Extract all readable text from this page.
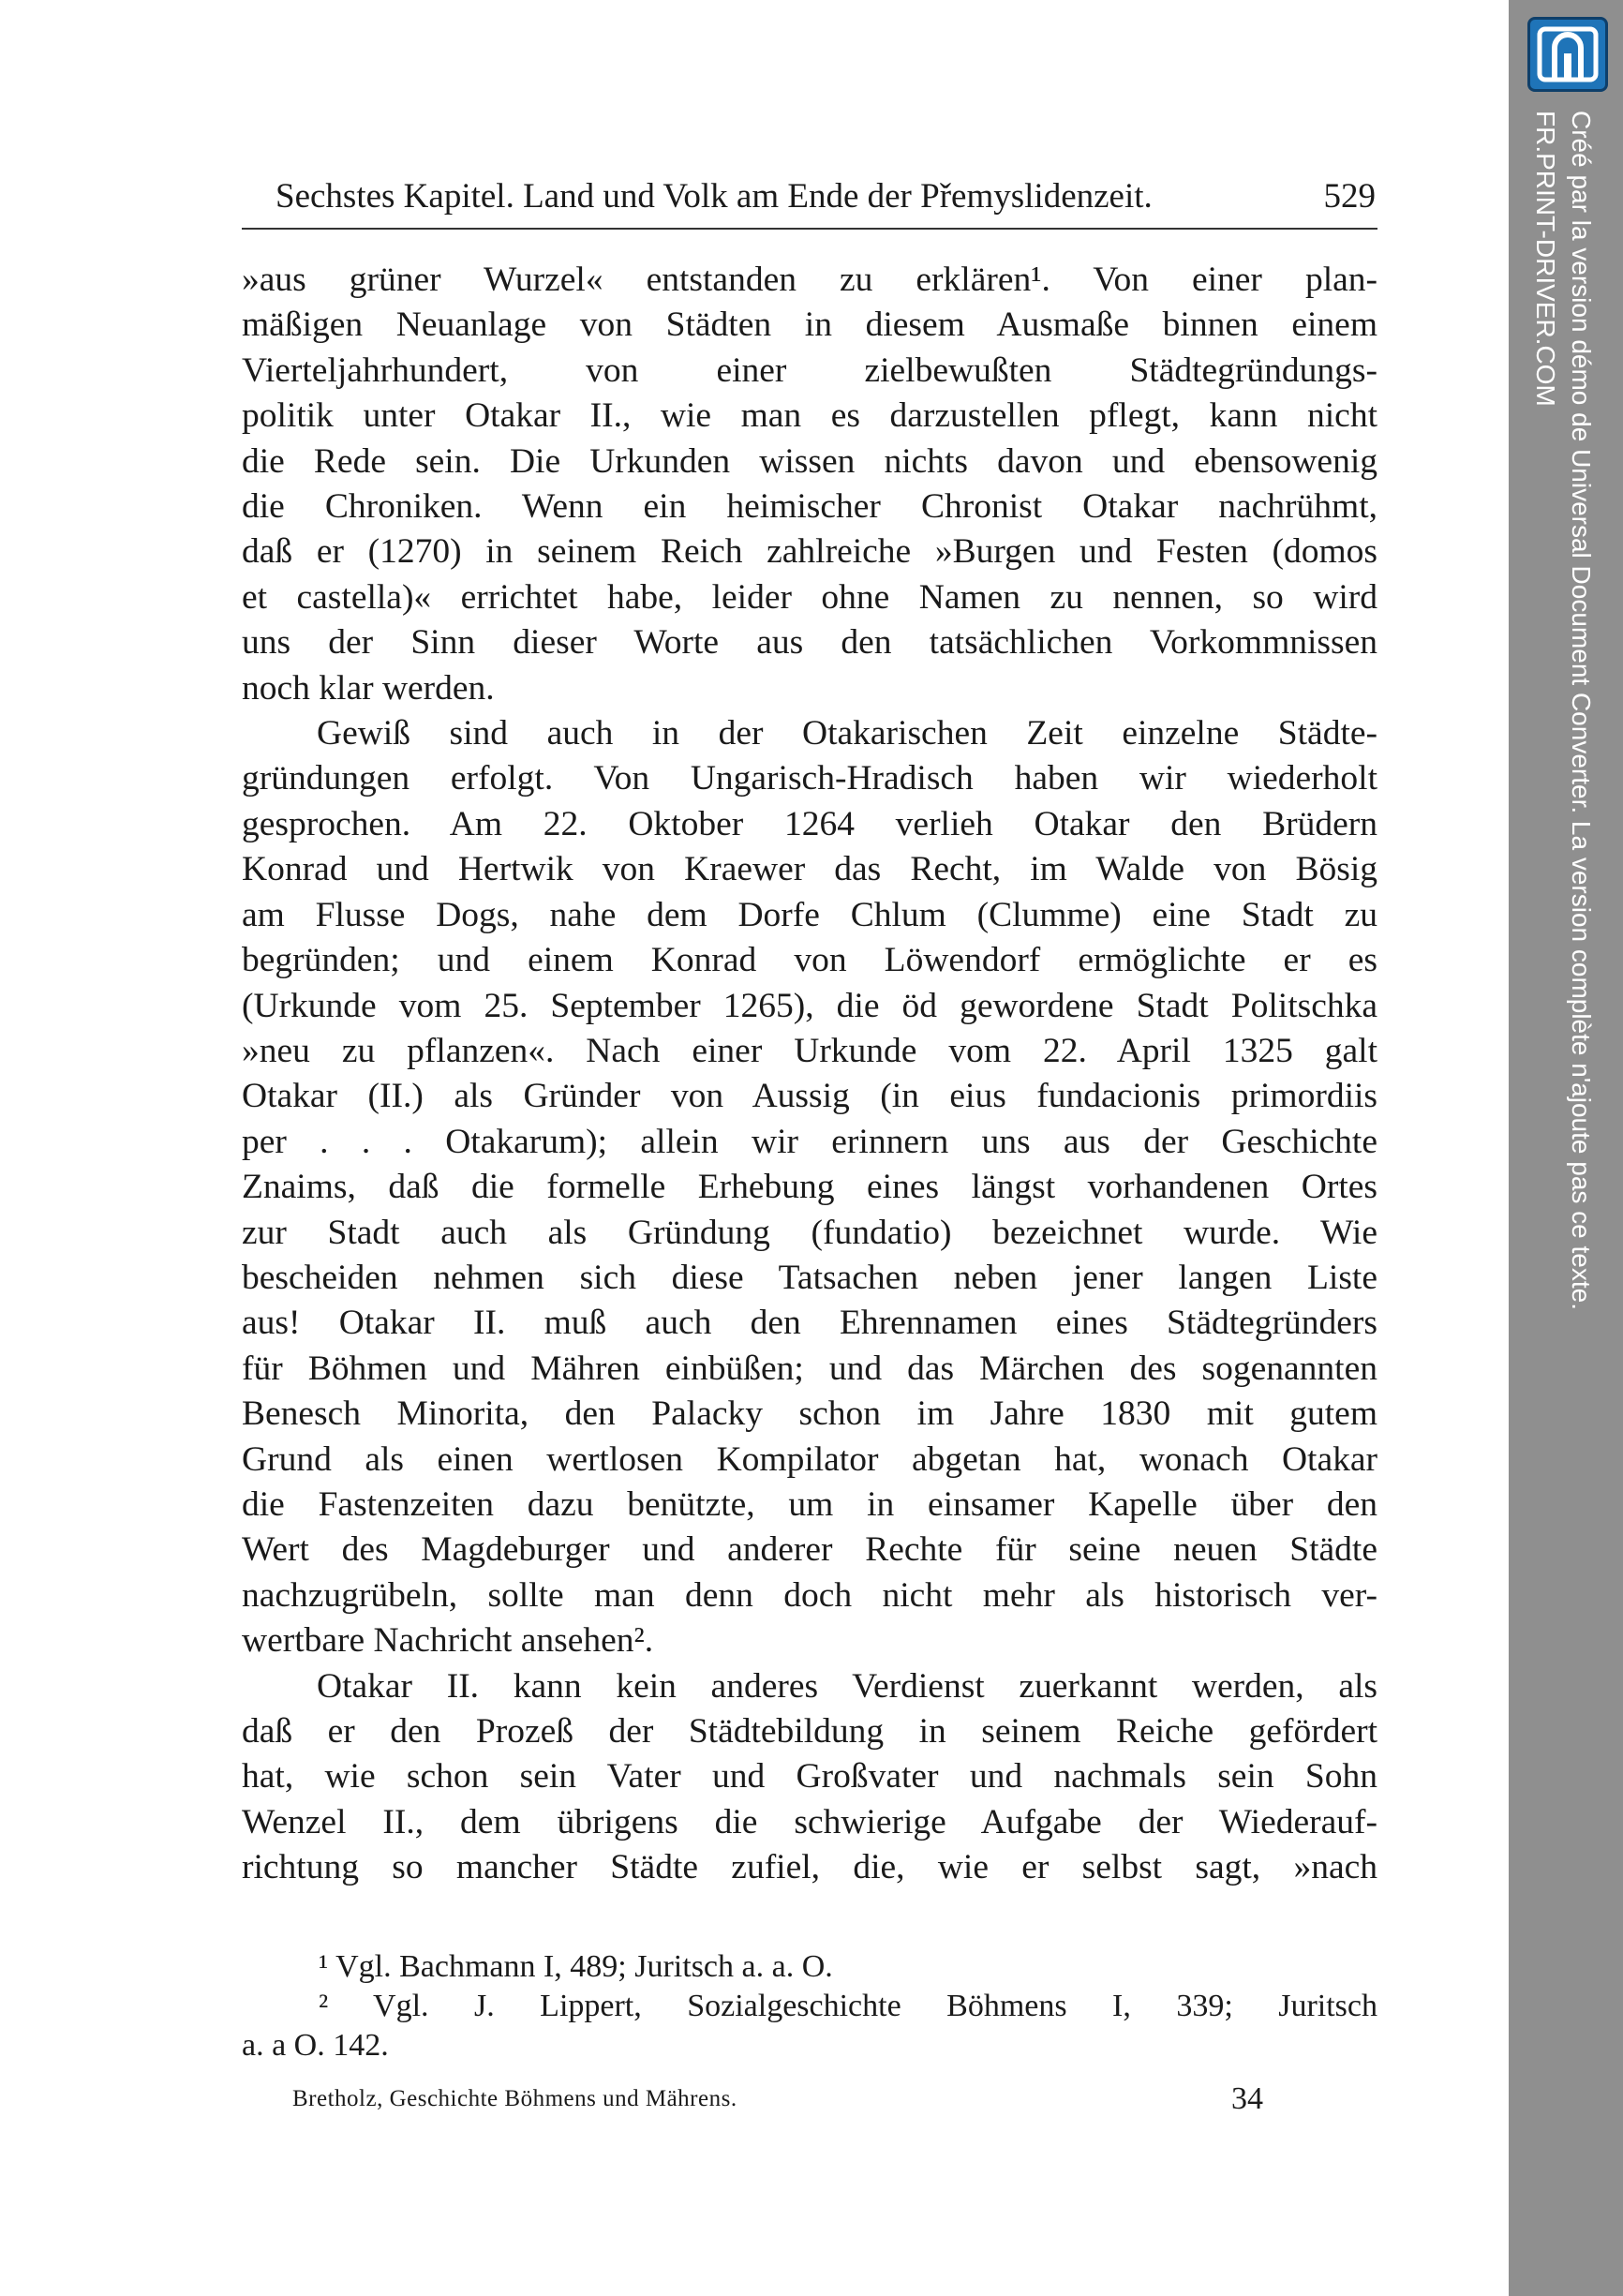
Sechstes Kapitel. Land und Volk am Ende der Přemyslidenzeit.	529

»aus grüner Wurzel« entstanden zu erklären¹. Von einer plan-

mäßigen Neuanlage von Städten in diesem Ausmaße binnen einem

Vierteljahrhundert, von einer zielbewußten Städtegründungs-

politik unter Otakar II., wie man es darzustellen pflegt, kann nicht

die Rede sein. Die Urkunden wissen nichts davon und ebensowenig

die Chroniken. Wenn ein heimischer Chronist Otakar nachrühmt,

daß er (1270) in seinem Reich zahlreiche »Burgen und Festen (domos

et castella)« errichtet habe, leider ohne Namen zu nennen, so wird

uns der Sinn dieser Worte aus den tatsächlichen Vorkommnissen

noch klar werden.

Gewiß sind auch in der Otakarischen Zeit einzelne Städte-

gründungen erfolgt. Von Ungarisch-Hradisch haben wir wiederholt

gesprochen. Am 22. Oktober 1264 verlieh Otakar den Brüdern

Konrad und Hertwik von Kraewer das Recht, im Walde von Bösig

am Flusse Dogs, nahe dem Dorfe Chlum (Clumme) eine Stadt zu

begründen; und einem Konrad von Löwendorf ermöglichte er es

(Urkunde vom 25. September 1265), die öd gewordene Stadt Politschka

»neu zu pflanzen«. Nach einer Urkunde vom 22. April 1325 galt

Otakar (II.) als Gründer von Aussig (in eius fundacionis primordiis

per . . . Otakarum); allein wir erinnern uns aus der Geschichte

Znaims, daß die formelle Erhebung eines längst vorhandenen Ortes

zur Stadt auch als Gründung (fundatio) bezeichnet wurde. Wie

bescheiden nehmen sich diese Tatsachen neben jener langen Liste

aus! Otakar II. muß auch den Ehrennamen eines Städtegründers

für Böhmen und Mähren einbüßen; und das Märchen des sogenannten

Benesch Minorita, den Palacky schon im Jahre 1830 mit gutem

Grund als einen wertlosen Kompilator abgetan hat, wonach Otakar

die Fastenzeiten dazu benützte, um in einsamer Kapelle über den

Wert des Magdeburger und anderer Rechte für seine neuen Städte

nachzugrübeln, sollte man denn doch nicht mehr als historisch ver-

wertbare Nachricht ansehen².

Otakar II. kann kein anderes Verdienst zuerkannt werden, als

daß er den Prozeß der Städtebildung in seinem Reiche gefördert

hat, wie schon sein Vater und Großvater und nachmals sein Sohn

Wenzel II., dem übrigens die schwierige Aufgabe der Wiederauf-

richtung so mancher Städte zufiel, die, wie er selbst sagt, »nach

¹ Vgl. Bachmann I, 489; Juritsch a. a. O.

² Vgl. J. Lippert, Sozialgeschichte Böhmens I, 339; Juritsch

a. a O. 142.

Bretholz, Geschichte Böhmens und Mährens.	34
Créé par la version démo de Universal Document Converter. La version complète n'ajoute pas ce texte.
FR.PRINT-DRIVER.COM
